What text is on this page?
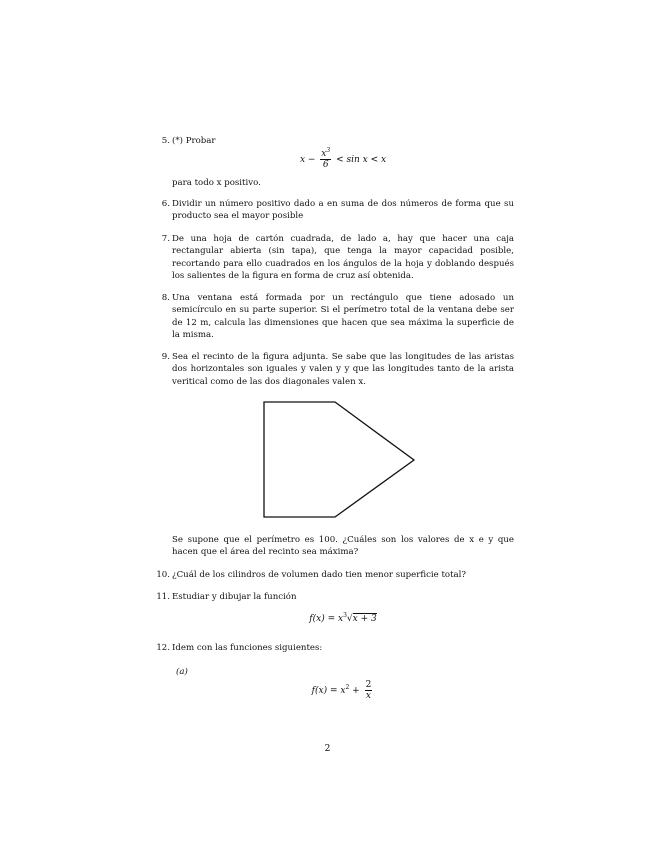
5. (*) Probar
$x - \frac{x^3}{6} < \sin x < x$
para todo x positivo.
6. Dividir un número positivo dado a en suma de dos números de forma que su producto sea el mayor posible
7. De una hoja de cartón cuadrada, de lado a, hay que hacer una caja rectangular abierta (sin tapa), que tenga la mayor capacidad posible, recortando para ello cuadrados en los ángulos de la hoja y doblando después los salientes de la figura en forma de cruz así obtenida.
8. Una ventana está formada por un rectángulo que tiene adosado un semicírculo en su parte superior. Si el perímetro total de la ventana debe ser de 12 m, calcula las dimensiones que hacen que sea máxima la superficie de la misma.
9. Sea el recinto de la figura adjunta. Se sabe que las longitudes de las aristas dos horizontales son iguales y valen y y que las longitudes tanto de la arista veritical como de las dos diagonales valen x.
Se supone que el perímetro es 100. ¿Cuáles son los valores de x e y que hacen que el área del recinto sea máxima?
10. ¿Cuál de los cilindros de volumen dado tien menor superficie total?
11. Estudiar y dibujar la función
$f(x) = x^3√x + 3$
12. Idem con las funciones siguientes:
(a)
$f(x) = x^2 + \frac{2}{x}$
2
